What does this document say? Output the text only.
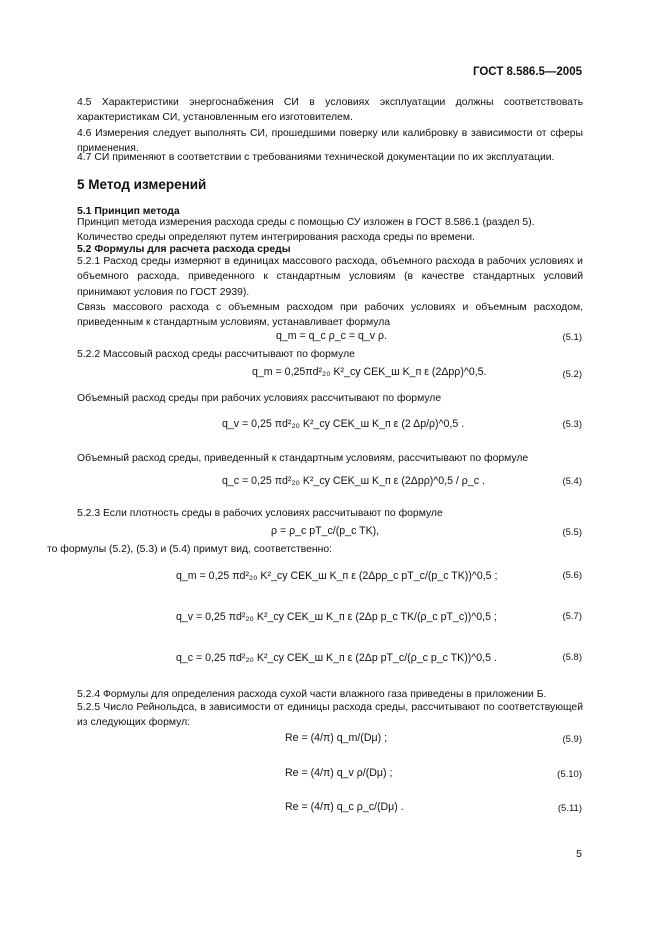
ГОСТ 8.586.5—2005
4.5 Характеристики энергоснабжения СИ в условиях эксплуатации должны соответствовать характеристикам СИ, установленным его изготовителем.
4.6 Измерения следует выполнять СИ, прошедшими поверку или калибровку в зависимости от сферы применения.
4.7 СИ применяют в соответствии с требованиями технической документации по их эксплуатации.
5 Метод измерений
5.1 Принцип метода
Принцип метода измерения расхода среды с помощью СУ изложен в ГОСТ 8.586.1 (раздел 5).
Количество среды определяют путем интегрирования расхода среды по времени.
5.2 Формулы для расчета расхода среды
5.2.1 Расход среды измеряют в единицах массового расхода, объемного расхода в рабочих условиях и объемного расхода, приведенного к стандартным условиям (в качестве стандартных условий принимают условия по ГОСТ 2939).
Связь массового расхода с объемным расходом при рабочих условиях и объемным расходом, приведенным к стандартным условиям, устанавливает формула
q_m = q_c ρ_c = q_v ρ.	(5.1)
5.2.2 Массовый расход среды рассчитывают по формуле
q_m = 0,25πd²₂₀ K²_су CEK_ш K_п ε (2Δpρ)^0,5.	(5.2)
Объемный расход среды при рабочих условиях рассчитывают по формуле
q_v = 0,25 πd²₂₀ K²_су CEK_ш K_п ε (2 Δp/ρ)^0,5 .	(5.3)
Объемный расход среды, приведенный к стандартным условиям, рассчитывают по формуле
q_c = 0,25 πd²₂₀ K²_су CEK_ш K_п ε (2Δpρ)^0,5 / ρ_c .	(5.4)
5.2.3 Если плотность среды в рабочих условиях рассчитывают по формуле
ρ = ρ_c pT_c/(p_c TK),	(5.5)
то формулы (5.2), (5.3) и (5.4) примут вид, соответственно:
q_m = 0,25 πd²₂₀ K²_су CEK_ш K_п ε (2Δpρ_c pT_c/(p_c TK))^0,5 ;	(5.6)
q_v = 0,25 πd²₂₀ K²_су CEK_ш K_п ε (2Δp p_c TK/(ρ_c pT_c))^0,5 ;	(5.7)
q_c = 0,25 πd²₂₀ K²_су CEK_ш K_п ε (2Δp pT_c/(ρ_c p_c TK))^0,5 .	(5.8)
5.2.4 Формулы для определения расхода сухой части влажного газа приведены в приложении Б.
5.2.5 Число Рейнольдса, в зависимости от единицы расхода среды, рассчитывают по соответствующей из следующих формул:
Re = (4/π) q_m/(Dμ) ;	(5.9)
Re = (4/π) q_v ρ/(Dμ) ;	(5.10)
Re = (4/π) q_c ρ_c/(Dμ) .	(5.11)
5
